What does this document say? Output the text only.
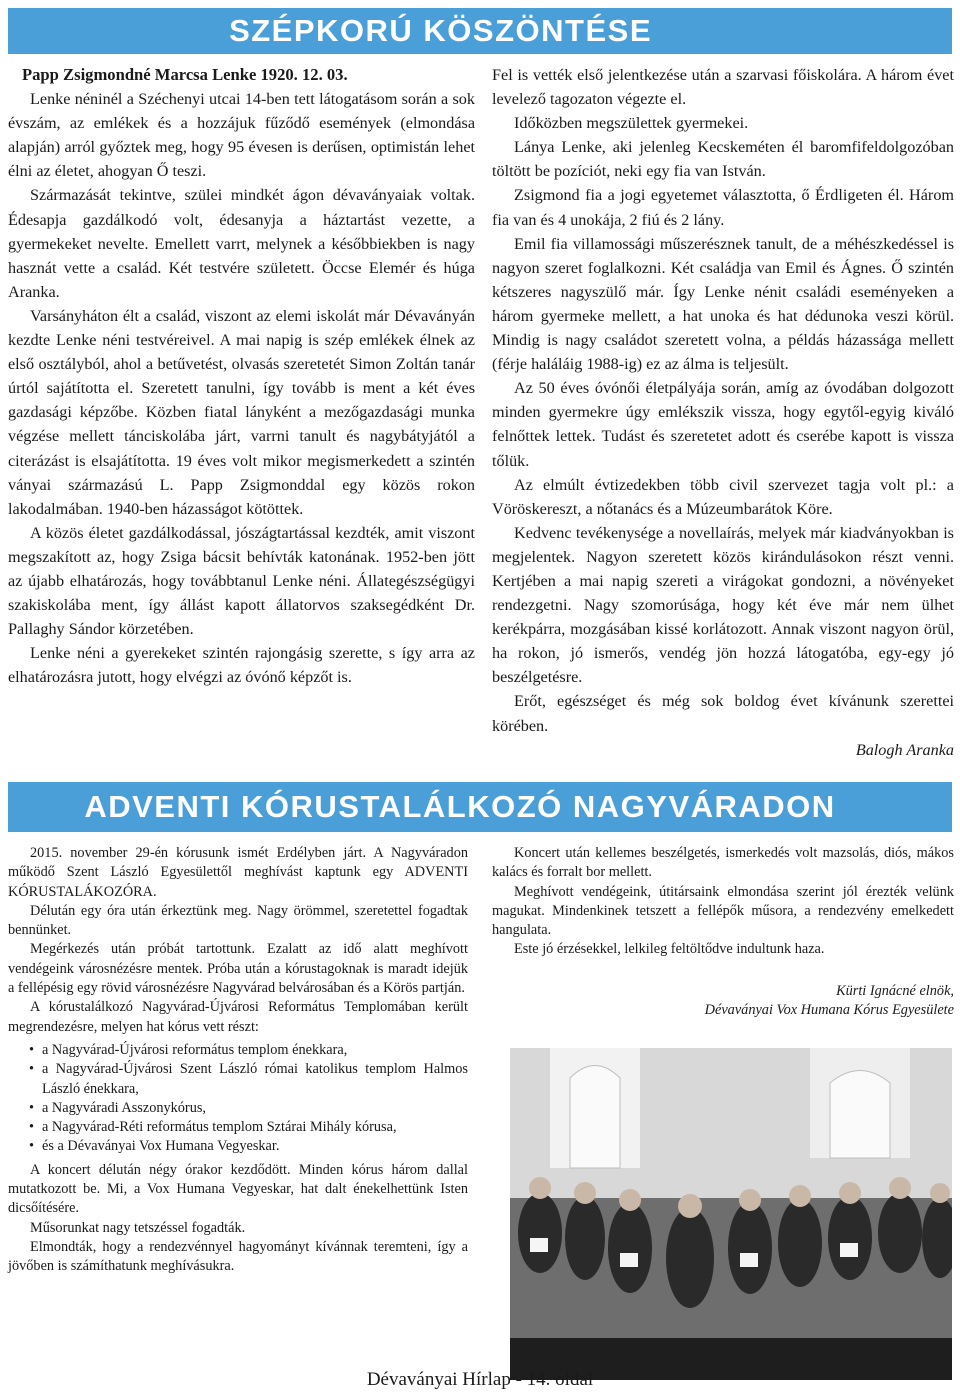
SZÉPKORÚ KÖSZÖNTÉSE

Papp Zsigmondné Marcsa Lenke 1920. 12. 03.

Lenke néninél a Széchenyi utcai 14-ben tett látogatásom során a sok évszám, az emlékek és a hozzájuk fűződő események (elmondása alapján) arról győztek meg, hogy 95 évesen is derűsen, optimistán lehet élni az életet, ahogyan Ő teszi.

Származását tekintve, szülei mindkét ágon dévaványaiak voltak. Édesapja gazdálkodó volt, édesanyja a háztartást vezette, a gyermekeket nevelte. Emellett varrt, melynek a későbbiekben is nagy hasznát vette a család. Két testvére született. Öccse Elemér és húga Aranka.

Varsányháton élt a család, viszont az elemi iskolát már Dévaványán kezdte Lenke néni testvéreivel. A mai napig is szép emlékek élnek az első osztályból, ahol a betűvetést, olvasás szeretetét Simon Zoltán tanár úrtól sajátította el. Szeretett tanulni, így tovább is ment a két éves gazdasági képzőbe. Közben fiatal lányként a mezőgazdasági munka végzése mellett tánciskolába járt, varrni tanult és nagybátyjától a citerázást is elsajátította. 19 éves volt mikor megismerkedett a szintén ványai származású L. Papp Zsigmonddal egy közös rokon lakodalmában. 1940-ben házasságot kötöttek.

A közös életet gazdálkodással, jószágtartással kezdték, amit viszont megszakított az, hogy Zsiga bácsit behívták katonának. 1952-ben jött az újabb elhatározás, hogy továbbtanul Lenke néni. Állategészségügyi szakiskolába ment, így állást kapott állatorvos szaksegédként Dr. Pallaghy Sándor körzetében.

Lenke néni a gyerekeket szintén rajongásig szerette, s így arra az elhatározásra jutott, hogy elvégzi az óvónő képzőt is.

Fel is vették első jelentkezése után a szarvasi főiskolára. A három évet levelező tagozaton végezte el.

Időközben megszülettek gyermekei.

Lánya Lenke, aki jelenleg Kecskeméten él baromfifeldolgozóban töltött be pozíciót, neki egy fia van István.

Zsigmond fia a jogi egyetemet választotta, ő Érdligeten él. Három fia van és 4 unokája, 2 fiú és 2 lány.

Emil fia villamossági műszerésznek tanult, de a méhészkedéssel is nagyon szeret foglalkozni. Két családja van Emil és Ágnes. Ő szintén kétszeres nagyszülő már. Így Lenke nénit családi eseményeken a három gyermeke mellett, a hat unoka és hat dédunoka veszi körül. Mindig is nagy családot szeretett volna, a példás házassága mellett (férje haláláig 1988-ig) ez az álma is teljesült.

Az 50 éves óvónői életpályája során, amíg az óvodában dolgozott minden gyermekre úgy emlékszik vissza, hogy egytől-egyig kiváló felnőttek lettek. Tudást és szeretetet adott és cserébe kapott is vissza tőlük.

Az elmúlt évtizedekben több civil szervezet tagja volt pl.: a Vöröskereszt, a nőtanács és a Múzeumbarátok Köre.

Kedvenc tevékenysége a novellaírás, melyek már kiadványokban is megjelentek. Nagyon szeretett közös kirándulásokon részt venni. Kertjében a mai napig szereti a virágokat gondozni, a növényeket rendezgetni. Nagy szomorúsága, hogy két éve már nem ülhet kerékpárra, mozgásában kissé korlátozott. Annak viszont nagyon örül, ha rokon, jó ismerős, vendég jön hozzá látogatóba, egy-egy jó beszélgetésre.

Erőt, egészséget és még sok boldog évet kívánunk szerettei körében.

Balogh Aranka

ADVENTI KÓRUSTALÁLKOZÓ NAGYVÁRADON

2015. november 29-én kórusunk ismét Erdélyben járt. A Nagyváradon működő Szent László Egyesülettől meghívást kaptunk egy ADVENTI KÓRUSTALÁKOZÓRA.

Délután egy óra után érkeztünk meg. Nagy örömmel, szeretettel fogadtak bennünket.

Megérkezés után próbát tartottunk. Ezalatt az idő alatt meghívott vendégeink városnézésre mentek. Próba után a kórustagoknak is maradt idejük a fellépésig egy rövid városnézésre Nagyvárad belvárosában és a Körös partján.

A kórustalálkozó Nagyvárad-Újvárosi Református Templomában került megrendezésre, melyen hat kórus vett részt:

• a Nagyvárad-Újvárosi református templom énekkara,
• a Nagyvárad-Újvárosi Szent László római katolikus templom Halmos László énekkara,
• a Nagyváradi Asszonykórus,
• a Nagyvárad-Réti református templom Sztárai Mihály kórusa,
• és a Dévaványai Vox Humana Vegyeskar.

A koncert délután négy órakor kezdődött. Minden kórus három dallal mutatkozott be. Mi, a Vox Humana Vegyeskar, hat dalt énekelhettünk Isten dicsőítésére.

Műsorunkat nagy tetszéssel fogadták.

Elmondták, hogy a rendezvénnyel hagyományt kívánnak teremteni, így a jövőben is számíthatunk meghívásukra.

Koncert után kellemes beszélgetés, ismerkedés volt mazsolás, diós, mákos kalács és forralt bor mellett.

Meghívott vendégeink, útitársaink elmondása szerint jól érezték velünk magukat. Mindenkinek tetszett a fellépők műsora, a rendezvény emelkedett hangulata.

Este jó érzésekkel, lelkileg feltöltődve indultunk haza.

Kürti Ignácné elnök,

Dévaványai Vox Humana Kórus Egyesülete

Dévaványai Hírlap - 14. oldal
